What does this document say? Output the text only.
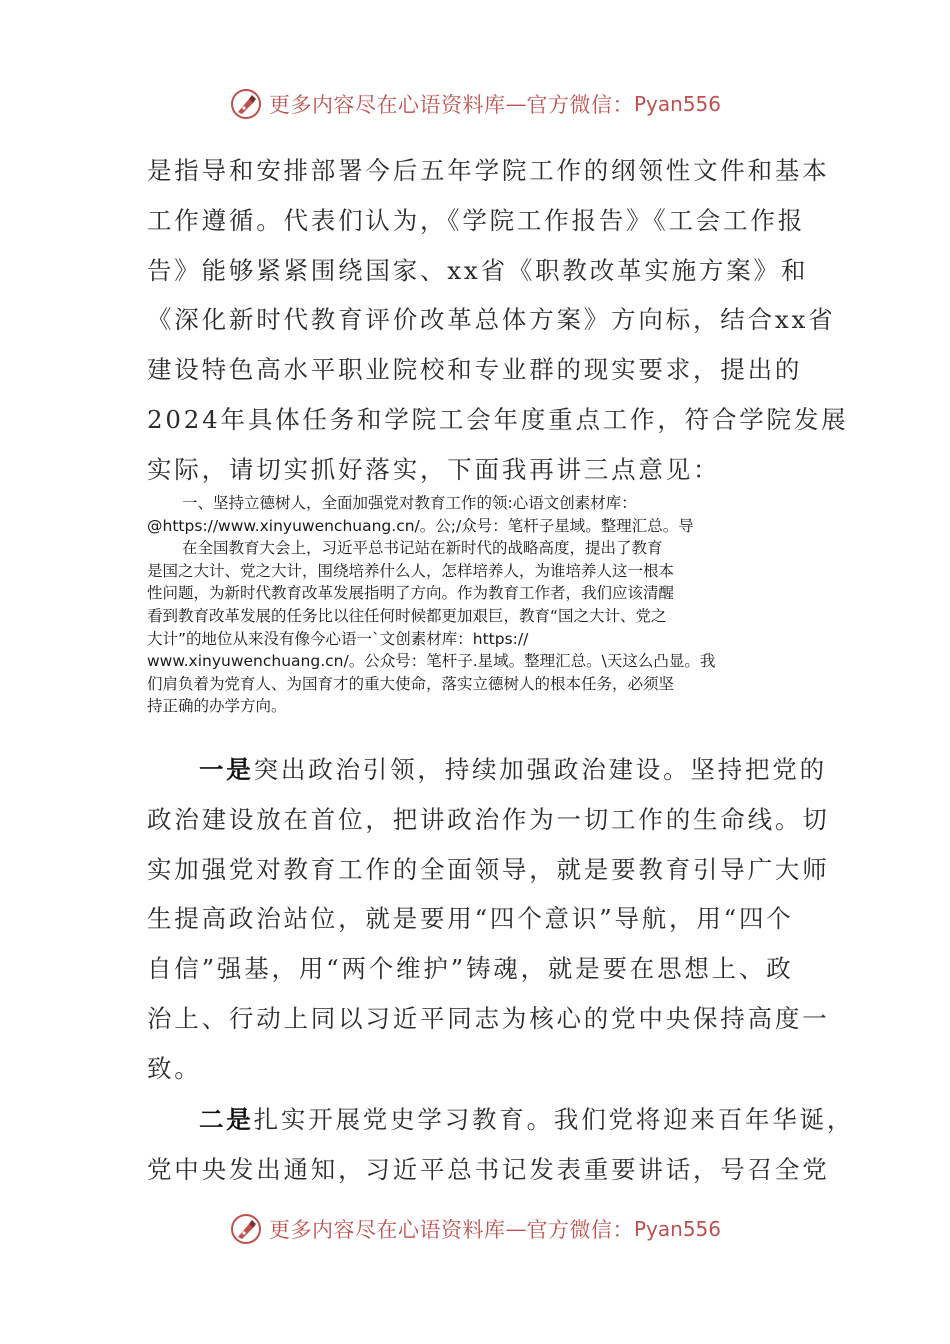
更多内容尽在心语资料库 — 官方微信： Pyan556
是指导和安排部署今后五年学院工作的纲领性文件和基本
工作遵循。代表们认为，《学院工作报告》《工会工作报
告》能够紧紧围绕国家、xx省《职教改革实施方案》和
《深化新时代教育评价改革总体方案》方向标，结合xx省
建设特色高水平职业院校和专业群的现实要求，提出的
2024年具体任务和学院工会年度重点工作，符合学院发展
实际，请切实抓好落实，下面我再讲三点意见：
一、坚持立德树人，全面加强党对教育工作的领:心语文创素材库：
@https://www.xinyuwenchuang.cn/。公;/众号：笔杆子星域。整理汇总。导
在全国教育大会上，习近平总书记站在新时代的战略高度，提出了教育
是国之大计、党之大计，围绕培养什么人，怎样培养人，为谁培养人这一根本
性问题，为新时代教育改革发展指明了方向。作为教育工作者，我们应该清醒
看到教育改革发展的任务比以往任何时候都更加艰巨，教育“国之大计、党之
大计”的地位从来没有像今心语一`文创素材库：https://
www.xinyuwenchuang.cn/。公众号：笔杆子.星域。整理汇总。\天这么凸显。我
们肩负着为党育人、为国育才的重大使命，落实立德树人的根本任务，必须坚
持正确的办学方向。
一是突出政治引领，持续加强政治建设。坚持把党的
政治建设放在首位，把讲政治作为一切工作的生命线。切
实加强党对教育工作的全面领导，就是要教育引导广大师
生提高政治站位，就是要用“四个意识”导航，用“四个
自信”强基，用“两个维护”铸魂，就是要在思想上、政
治上、行动上同以习近平同志为核心的党中央保持高度一
致。
二是扎实开展党史学习教育。我们党将迎来百年华诞，
党中央发出通知，习近平总书记发表重要讲话，号召全党
更多内容尽在心语资料库 — 官方微信： Pyan556
